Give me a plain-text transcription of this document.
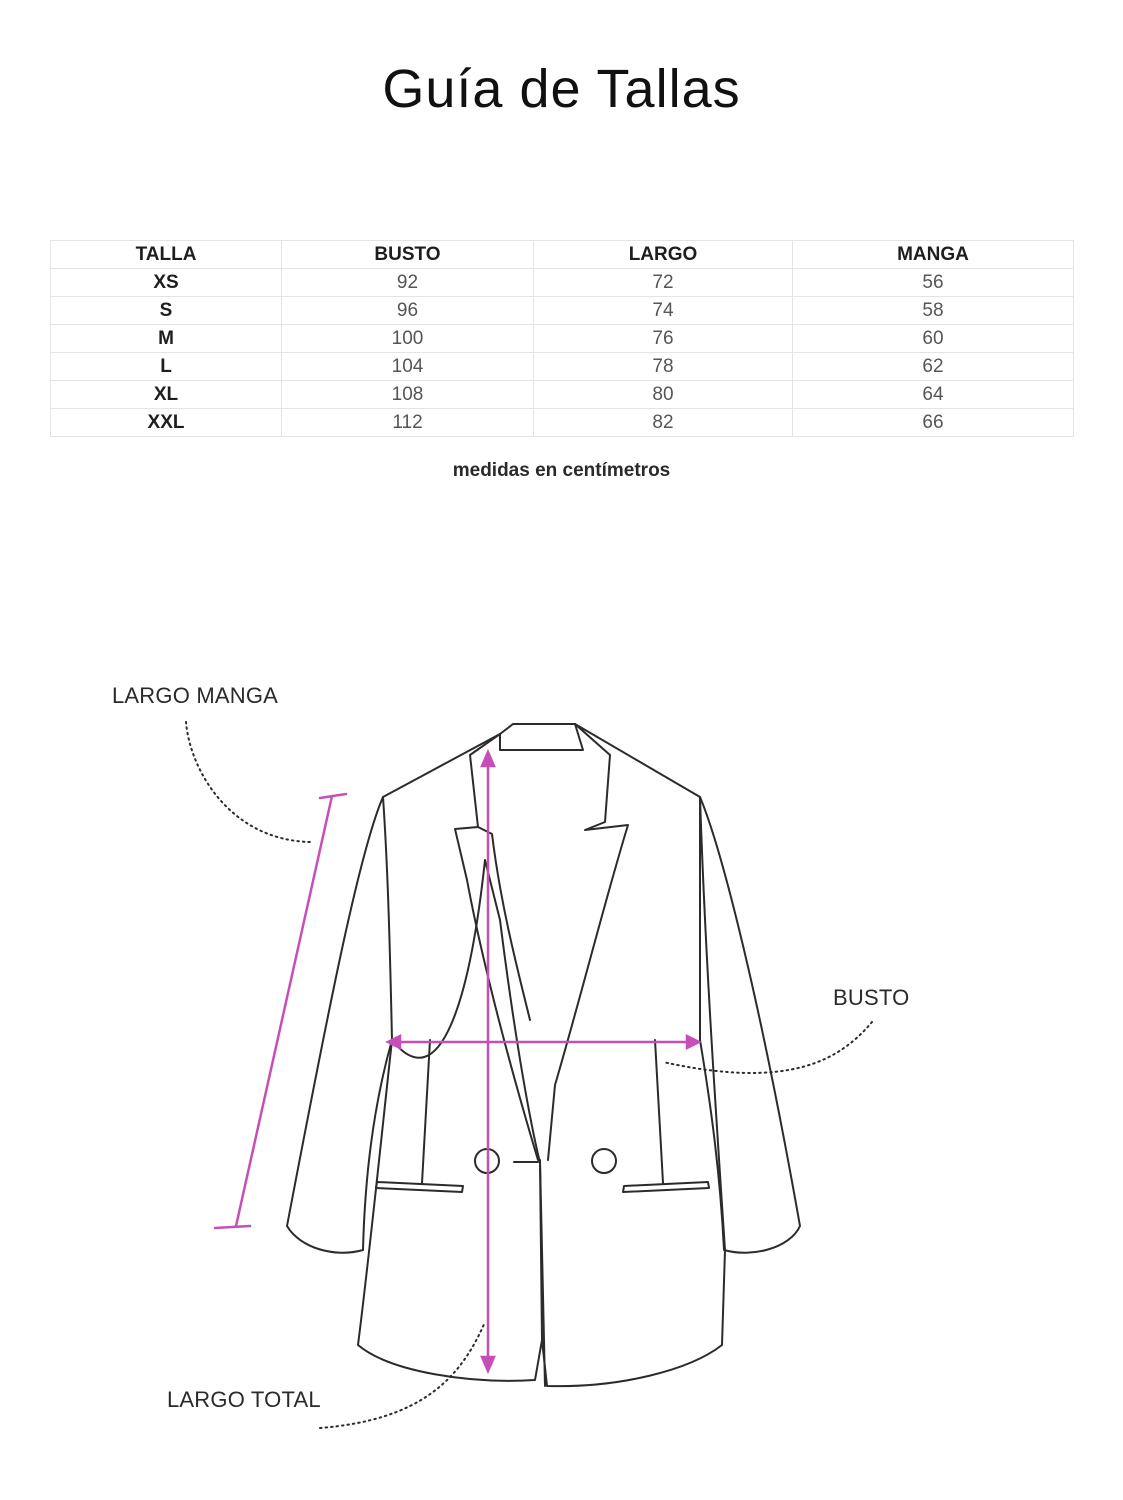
Guía de Tallas
TALLA	BUSTO	LARGO	MANGA
XS	92	72	56
S	96	74	58
M	100	76	60
L	104	78	62
XL	108	80	64
XXL	112	82	66
medidas en centímetros
LARGO MANGA
BUSTO
LARGO TOTAL
